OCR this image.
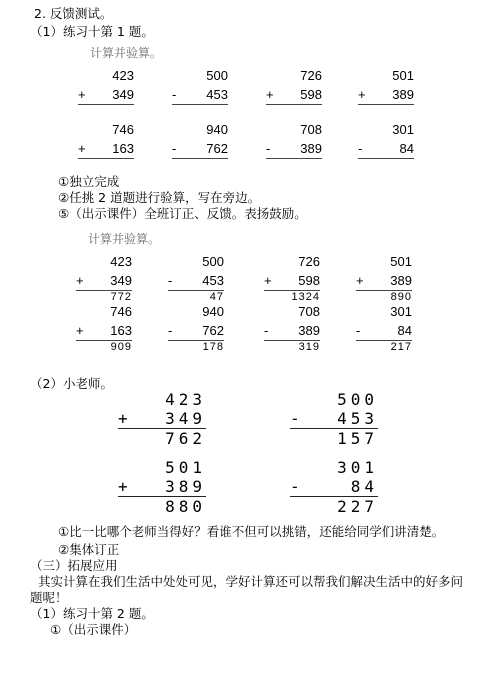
2. 反馈测试。
（1）练习十第 1 题。
计算并验算。
423
+ 349
500
- 453
726
+ 598
501
+ 389
746
+ 163
940
- 762
708
- 389
301
-	84
①独立完成
②任挑 2 道题进行验算，写在旁边。
⑤（出示课件）全班订正、反馈。表扬鼓励。
计算并验算。
423
+ 349
772
500
- 453
47
726
+ 598
1324
501
+ 389
890
746
+ 163
909
940
- 762
178
708
- 389
319
301
-	84
217
（2）小老师。
423
+ 349
762
500
- 453
157
501
+ 389
880
301
-	84
227
①比一比哪个老师当得好？看谁不但可以挑错，还能给同学们讲清楚。
②集体订正
（三）拓展应用
其实计算在我们生活中处处可见，学好计算还可以帮我们解决生活中的好多问
题呢！
（1）练习十第 2 题。
①（出示课件）
